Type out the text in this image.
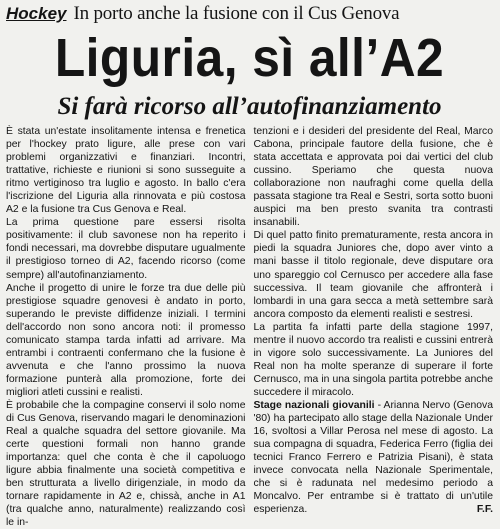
Hockey In porto anche la fusione con il Cus Genova
Liguria, sì all’A2
Si farà ricorso all’autofinanziamento

È stata un'estate insolitamente intensa e frenetica per l'hockey prato ligure, alle prese con vari problemi organizzativi e finanziari. Incontri, trattative, richieste e riunioni si sono susseguite a ritmo vertiginoso tra luglio e agosto. In ballo c'era l'iscrizione del Liguria alla rinnovata e più costosa A2 e la fusione tra Cus Genova e Real.

La prima questione pare essersi risolta positivamente: il club savonese non ha reperito i fondi necessari, ma dovrebbe disputare ugualmente il prestigioso torneo di A2, facendo ricorso (come sempre) all'autofinanziamento.

Anche il progetto di unire le forze tra due delle più prestigiose squadre genovesi è andato in porto, superando le previste diffidenze iniziali. I termini dell'accordo non sono ancora noti: il promesso comunicato stampa tarda infatti ad arrivare. Ma entrambi i contraenti confermano che la fusione è avvenuta e che l'anno prossimo la nuova formazione punterà alla promozione, forte dei migliori atleti cussini e realisti.

È probabile che la compagine conservi il solo nome di Cus Genova, riservando magari le denominazioni Real a qualche squadra del settore giovanile. Ma certe questioni formali non hanno grande importanza: quel che conta è che il capoluogo ligure abbia finalmente una società competitiva e ben strutturata a livello dirigenziale, in modo da tornare rapidamente in A2 e, chissà, anche in A1 (tra qualche anno, naturalmente) realizzando così le in-

tenzioni e i desideri del presidente del Real, Marco Cabona, principale fautore della fusione, che è stata accettata e approvata poi dai vertici del club cussino. Speriamo che questa nuova collaborazione non naufraghi come quella della passata stagione tra Real e Sestri, sorta sotto buoni auspici ma ben presto svanita tra contrasti insanabili.

Di quel patto finito prematuramente, resta ancora in piedi la squadra Juniores che, dopo aver vinto a mani basse il titolo regionale, deve disputare ora uno spareggio col Cernusco per accedere alla fase successiva. Il team giovanile che affronterà i lombardi in una gara secca a metà settembre sarà ancora composto da elementi realisti e sestresi.

La partita fa infatti parte della stagione 1997, mentre il nuovo accordo tra realisti e cussini entrerà in vigore solo successivamente. La Juniores del Real non ha molte speranze di superare il forte Cernusco, ma in una singola partita potrebbe anche succedere il miracolo.

Stage nazionali giovanili - Arianna Nervo (Genova '80) ha partecipato allo stage della Nazionale Under 16, svoltosi a Villar Perosa nel mese di agosto. La sua compagna di squadra, Federica Ferro (figlia dei tecnici Franco Ferrero e Patrizia Pisani), è stata invece convocata nella Nazionale Sperimentale, che si è radunata nel medesimo periodo a Moncalvo. Per entrambe si è trattato di un'utile esperienza.	F.F.
